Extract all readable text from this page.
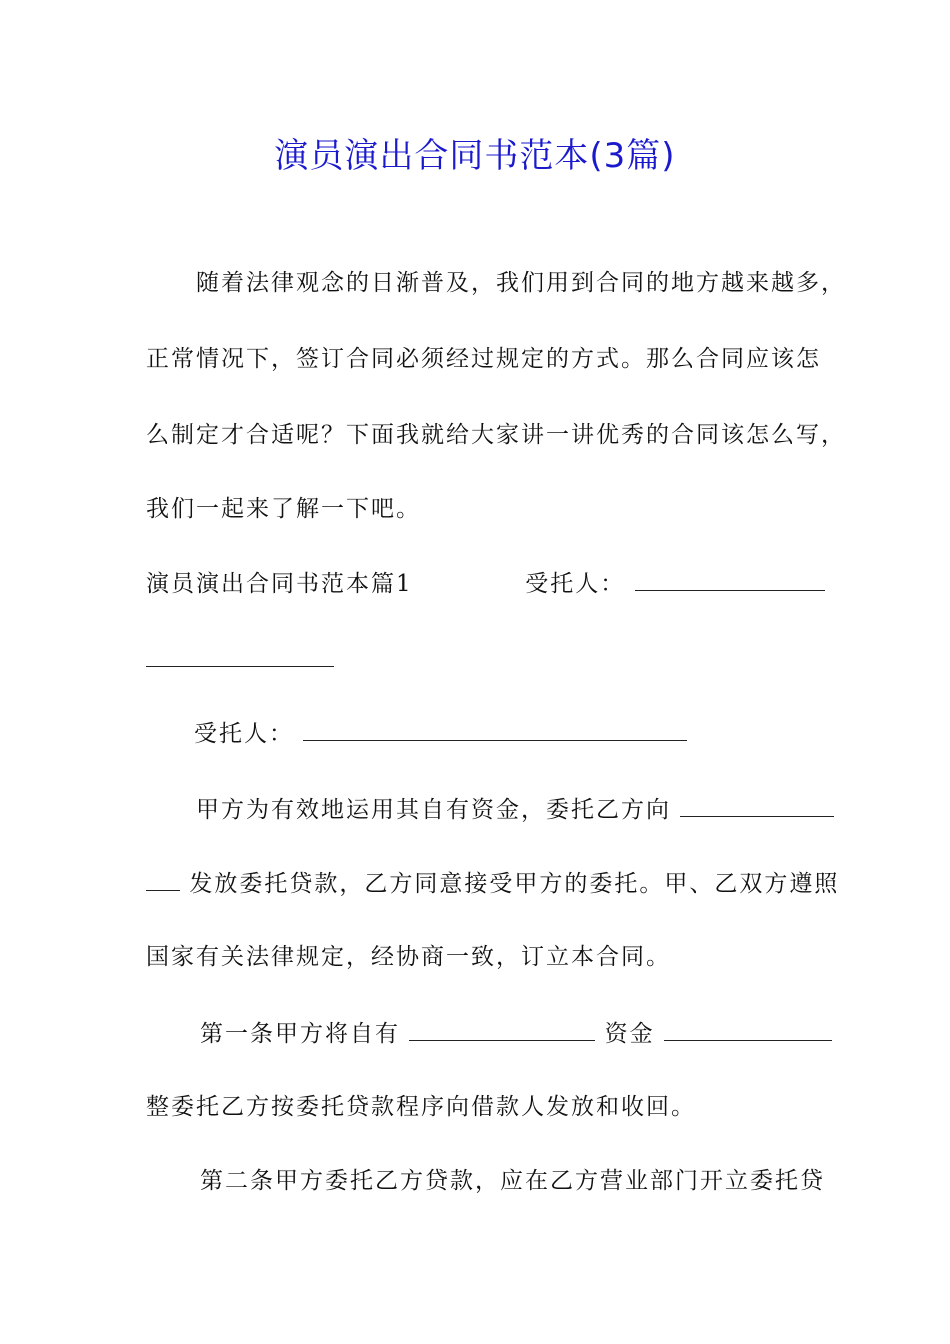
演员演出合同书范本(3篇)
随着法律观念的日渐普及，我们用到合同的地方越来越多，
正常情况下，签订合同必须经过规定的方式。那么合同应该怎
么制定才合适呢？下面我就给大家讲一讲优秀的合同该怎么写，
我们一起来了解一下吧。
演员演出合同书范本篇1	受托人：
受托人：
甲方为有效地运用其自有资金，委托乙方向
发放委托贷款，乙方同意接受甲方的委托。甲、乙双方遵照
国家有关法律规定，经协商一致，订立本合同。
第一条甲方将自有	资金
整委托乙方按委托贷款程序向借款人发放和收回。
第二条甲方委托乙方贷款，应在乙方营业部门开立委托贷
